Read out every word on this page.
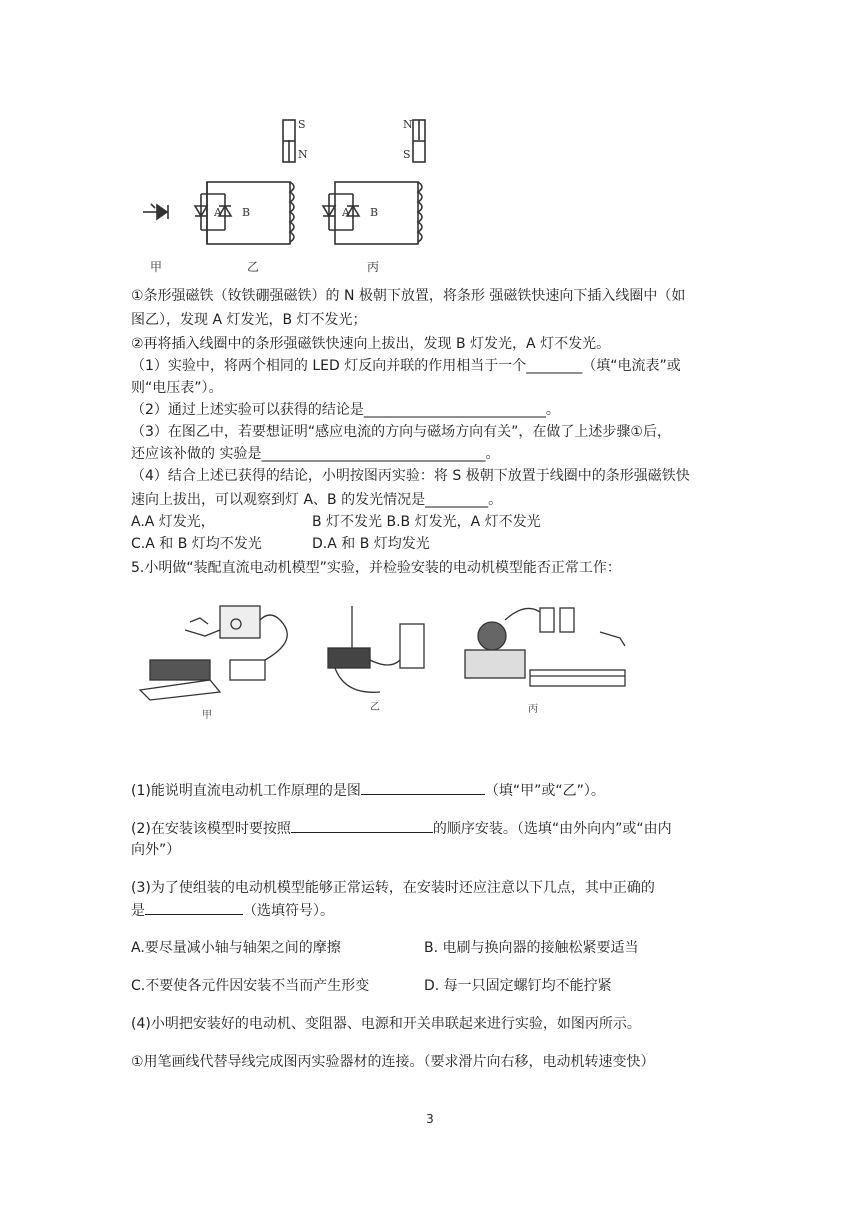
S
N
N
S
A B	A B
甲	乙	丙
①条形强磁铁（钕铁硼强磁铁）的 N 极朝下放置，将条形 强磁铁快速向下插入线圈中（如
图乙），发现 A 灯发光，B 灯不发光；
②再将插入线圈中的条形强磁铁快速向上拔出，发现 B 灯发光，A 灯不发光。
（1）实验中，将两个相同的 LED 灯反向并联的作用相当于一个________（填“电流表”或
则“电压表”）。
（2）通过上述实验可以获得的结论是__________________________。
（3）在图乙中，若要想证明“感应电流的方向与磁场方向有关”，在做了上述步骤①后，
还应该补做的 实验是________________________________。
（4）结合上述已获得的结论，小明按图丙实验：将 S 极朝下放置于线圈中的条形强磁铁快
速向上拔出，可以观察到灯 A、B 的发光情况是_________。
A.A 灯发光，	B 灯不发光 B.B 灯发光，A 灯不发光
C.A 和 B 灯均不发光	D.A 和 B 灯均发光
5.小明做“装配直流电动机模型”实验，并检验安装的电动机模型能否正常工作：
甲
乙	丙
(1)能说明直流电动机工作原理的是图	（填“甲”或“乙”）。
(2)在安装该模型时要按照	的顺序安装。（选填“由外向内”或“由内
向外”）
(3)为了使组装的电动机模型能够正常运转，在安装时还应注意以下几点，其中正确的
是	（选填符号）。
A.要尽量减小轴与轴架之间的摩擦	B. 电刷与换向器的接触松紧要适当
C.不要使各元件因安装不当而产生形变	D. 每一只固定螺钉均不能拧紧
(4)小明把安装好的电动机、变阻器、电源和开关串联起来进行实验，如图丙所示。
①用笔画线代替导线完成图丙实验器材的连接。（要求滑片向右移，电动机转速变快）
3
